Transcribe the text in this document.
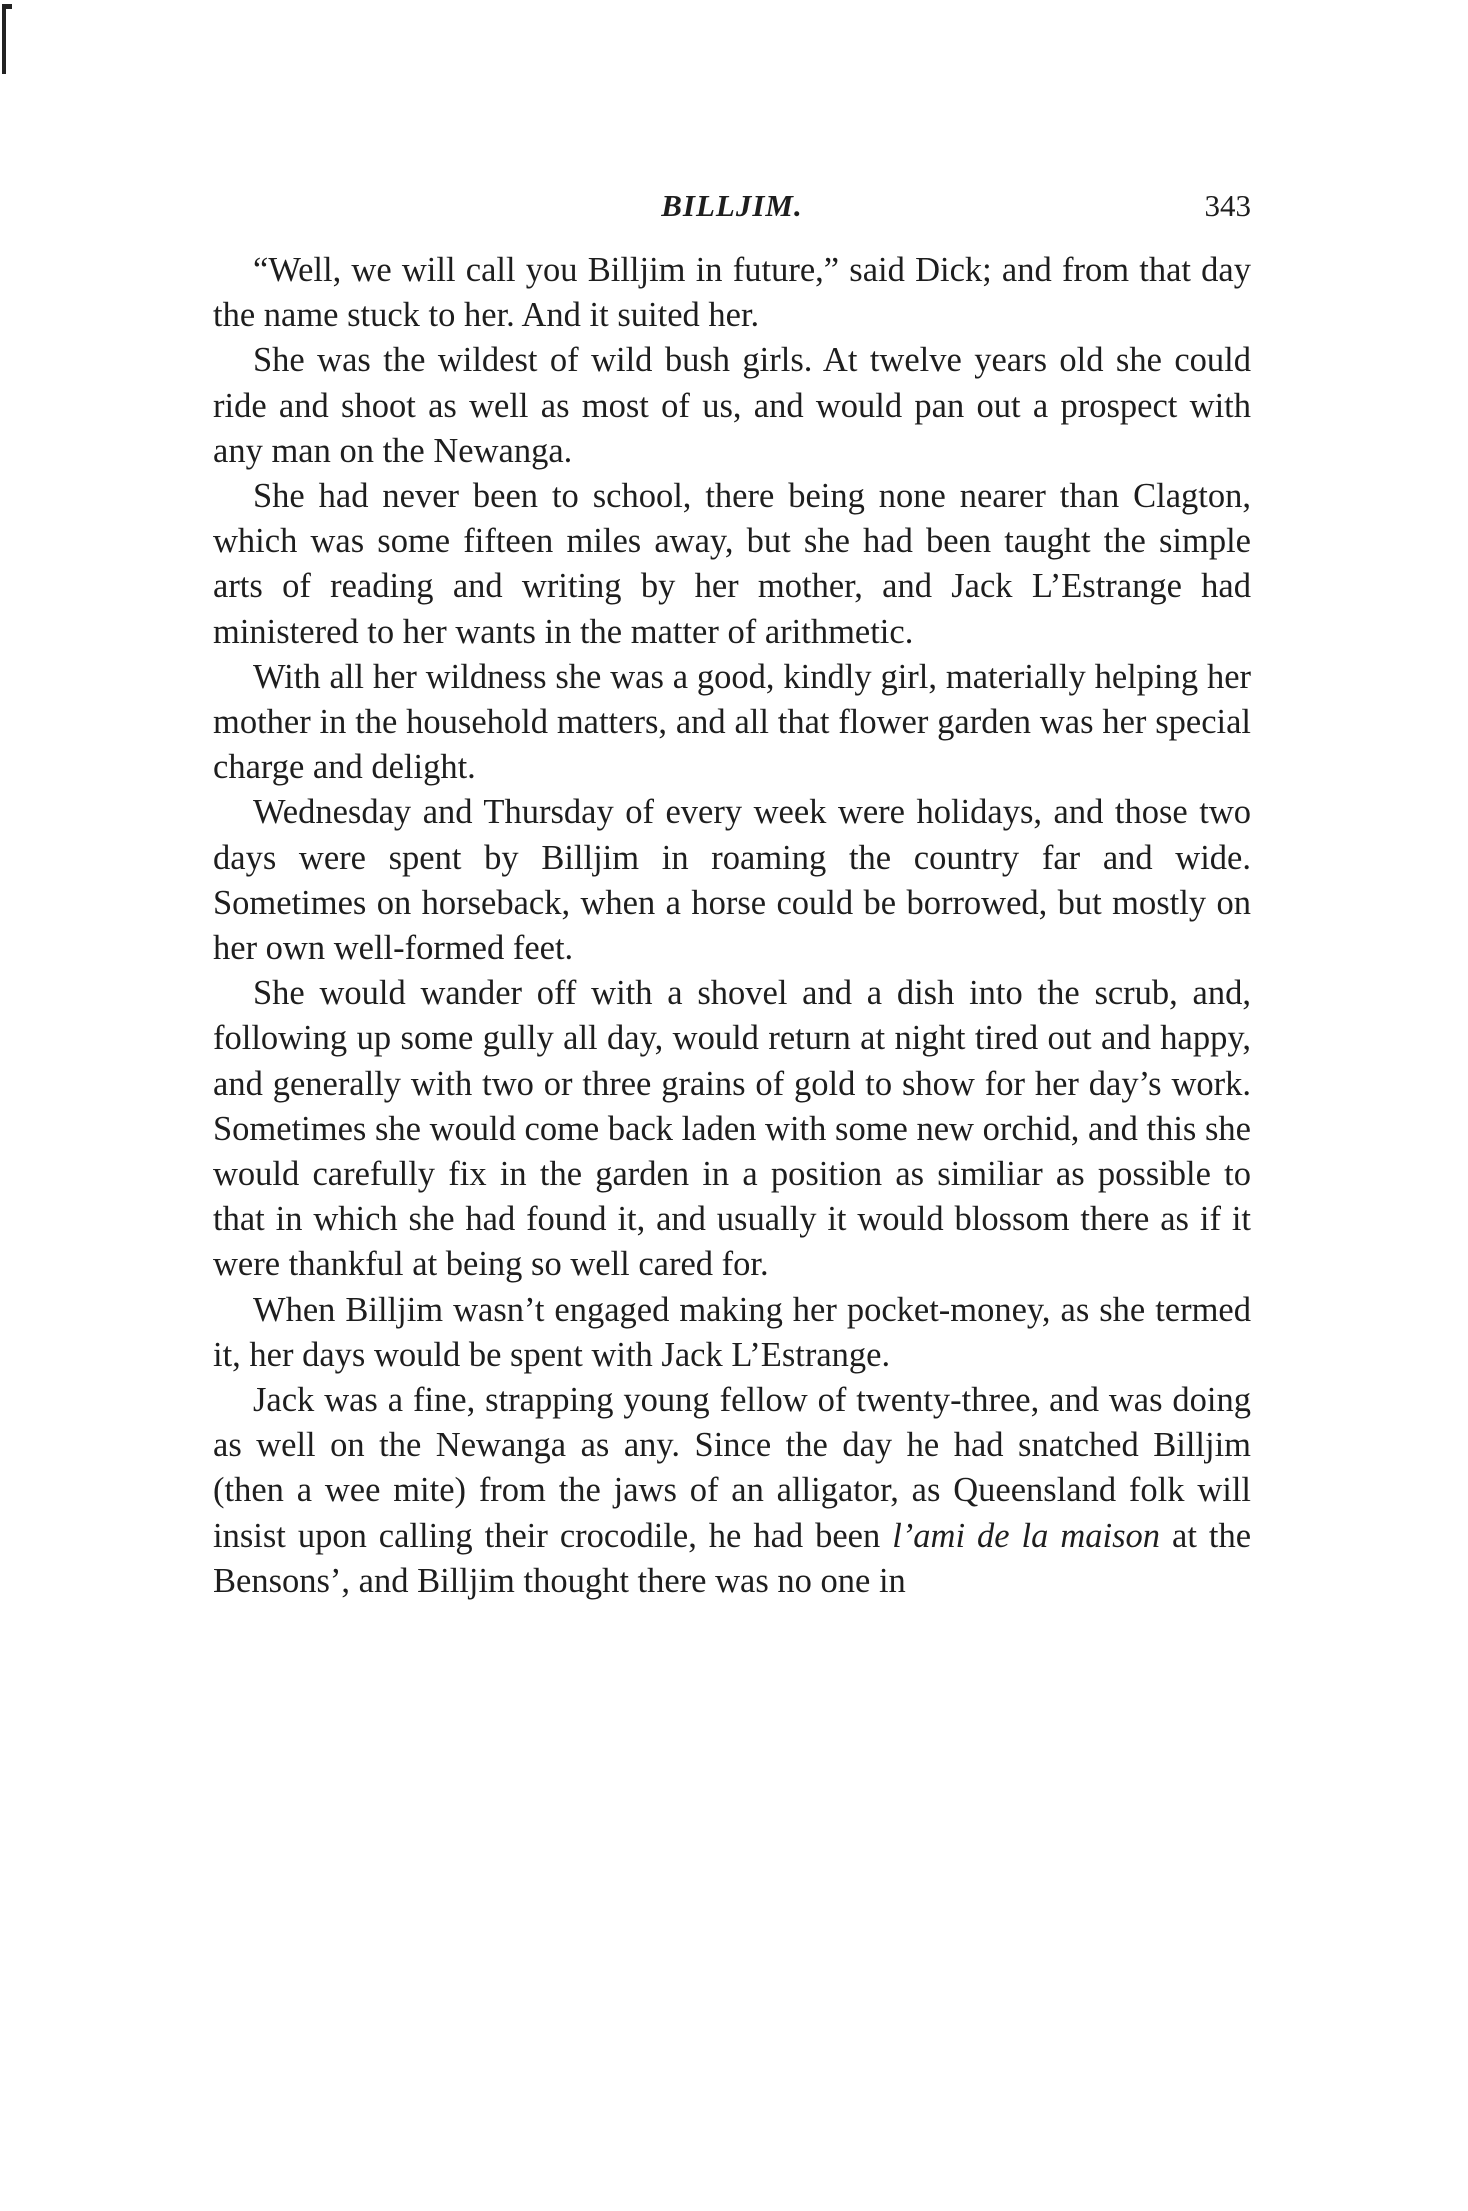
BILLJIM.	343

“Well, we will call you Billjim in future,” said Dick; and from that day the name stuck to her. And it suited her.

She was the wildest of wild bush girls. At twelve years old she could ride and shoot as well as most of us, and would pan out a prospect with any man on the Newanga.

She had never been to school, there being none nearer than Clagton, which was some fifteen miles away, but she had been taught the simple arts of reading and writing by her mother, and Jack L’Estrange had ministered to her wants in the matter of arithmetic.

With all her wildness she was a good, kindly girl, materially helping her mother in the household matters, and all that flower garden was her special charge and delight.

Wednesday and Thursday of every week were holidays, and those two days were spent by Billjim in roaming the country far and wide. Sometimes on horseback, when a horse could be borrowed, but mostly on her own well-formed feet.

She would wander off with a shovel and a dish into the scrub, and, following up some gully all day, would return at night tired out and happy, and generally with two or three grains of gold to show for her day’s work. Sometimes she would come back laden with some new orchid, and this she would carefully fix in the garden in a position as similiar as possible to that in which she had found it, and usually it would blossom there as if it were thankful at being so well cared for.

When Billjim wasn’t engaged making her pocket-money, as she termed it, her days would be spent with Jack L’Estrange.

Jack was a fine, strapping young fellow of twenty-three, and was doing as well on the Newanga as any. Since the day he had snatched Billjim (then a wee mite) from the jaws of an alligator, as Queensland folk will insist upon calling their crocodile, he had been l’ami de la maison at the Bensons’, and Billjim thought there was no one in
